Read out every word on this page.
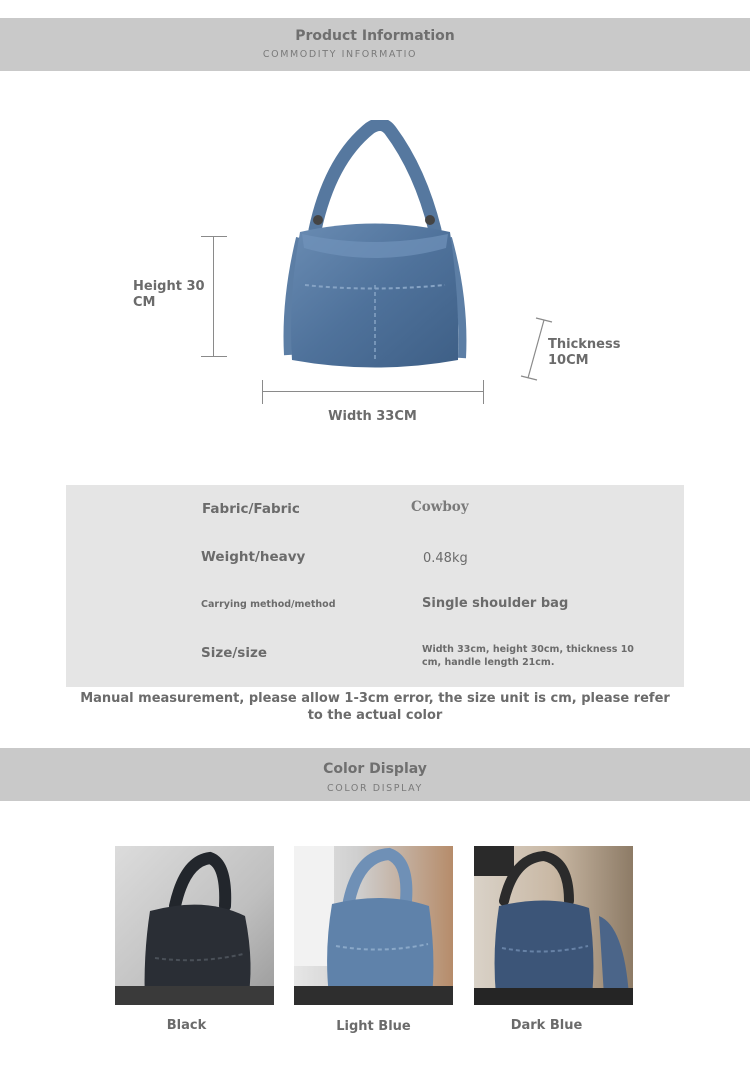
Product Information
COMMODITY INFORMATIO
Height 30 CM
Width 33CM
Thickness 10CM
Fabric/Fabric	Cowboy
Weight/heavy	0.48kg
Carrying method/method	Single shoulder bag
Size/size	Width 33cm, height 30cm, thickness 10 cm, handle length 21cm.
Manual measurement, please allow 1-3cm error, the size unit is cm, please refer to the actual color
Color Display
COLOR DISPLAY
Black	Light Blue	Dark Blue
